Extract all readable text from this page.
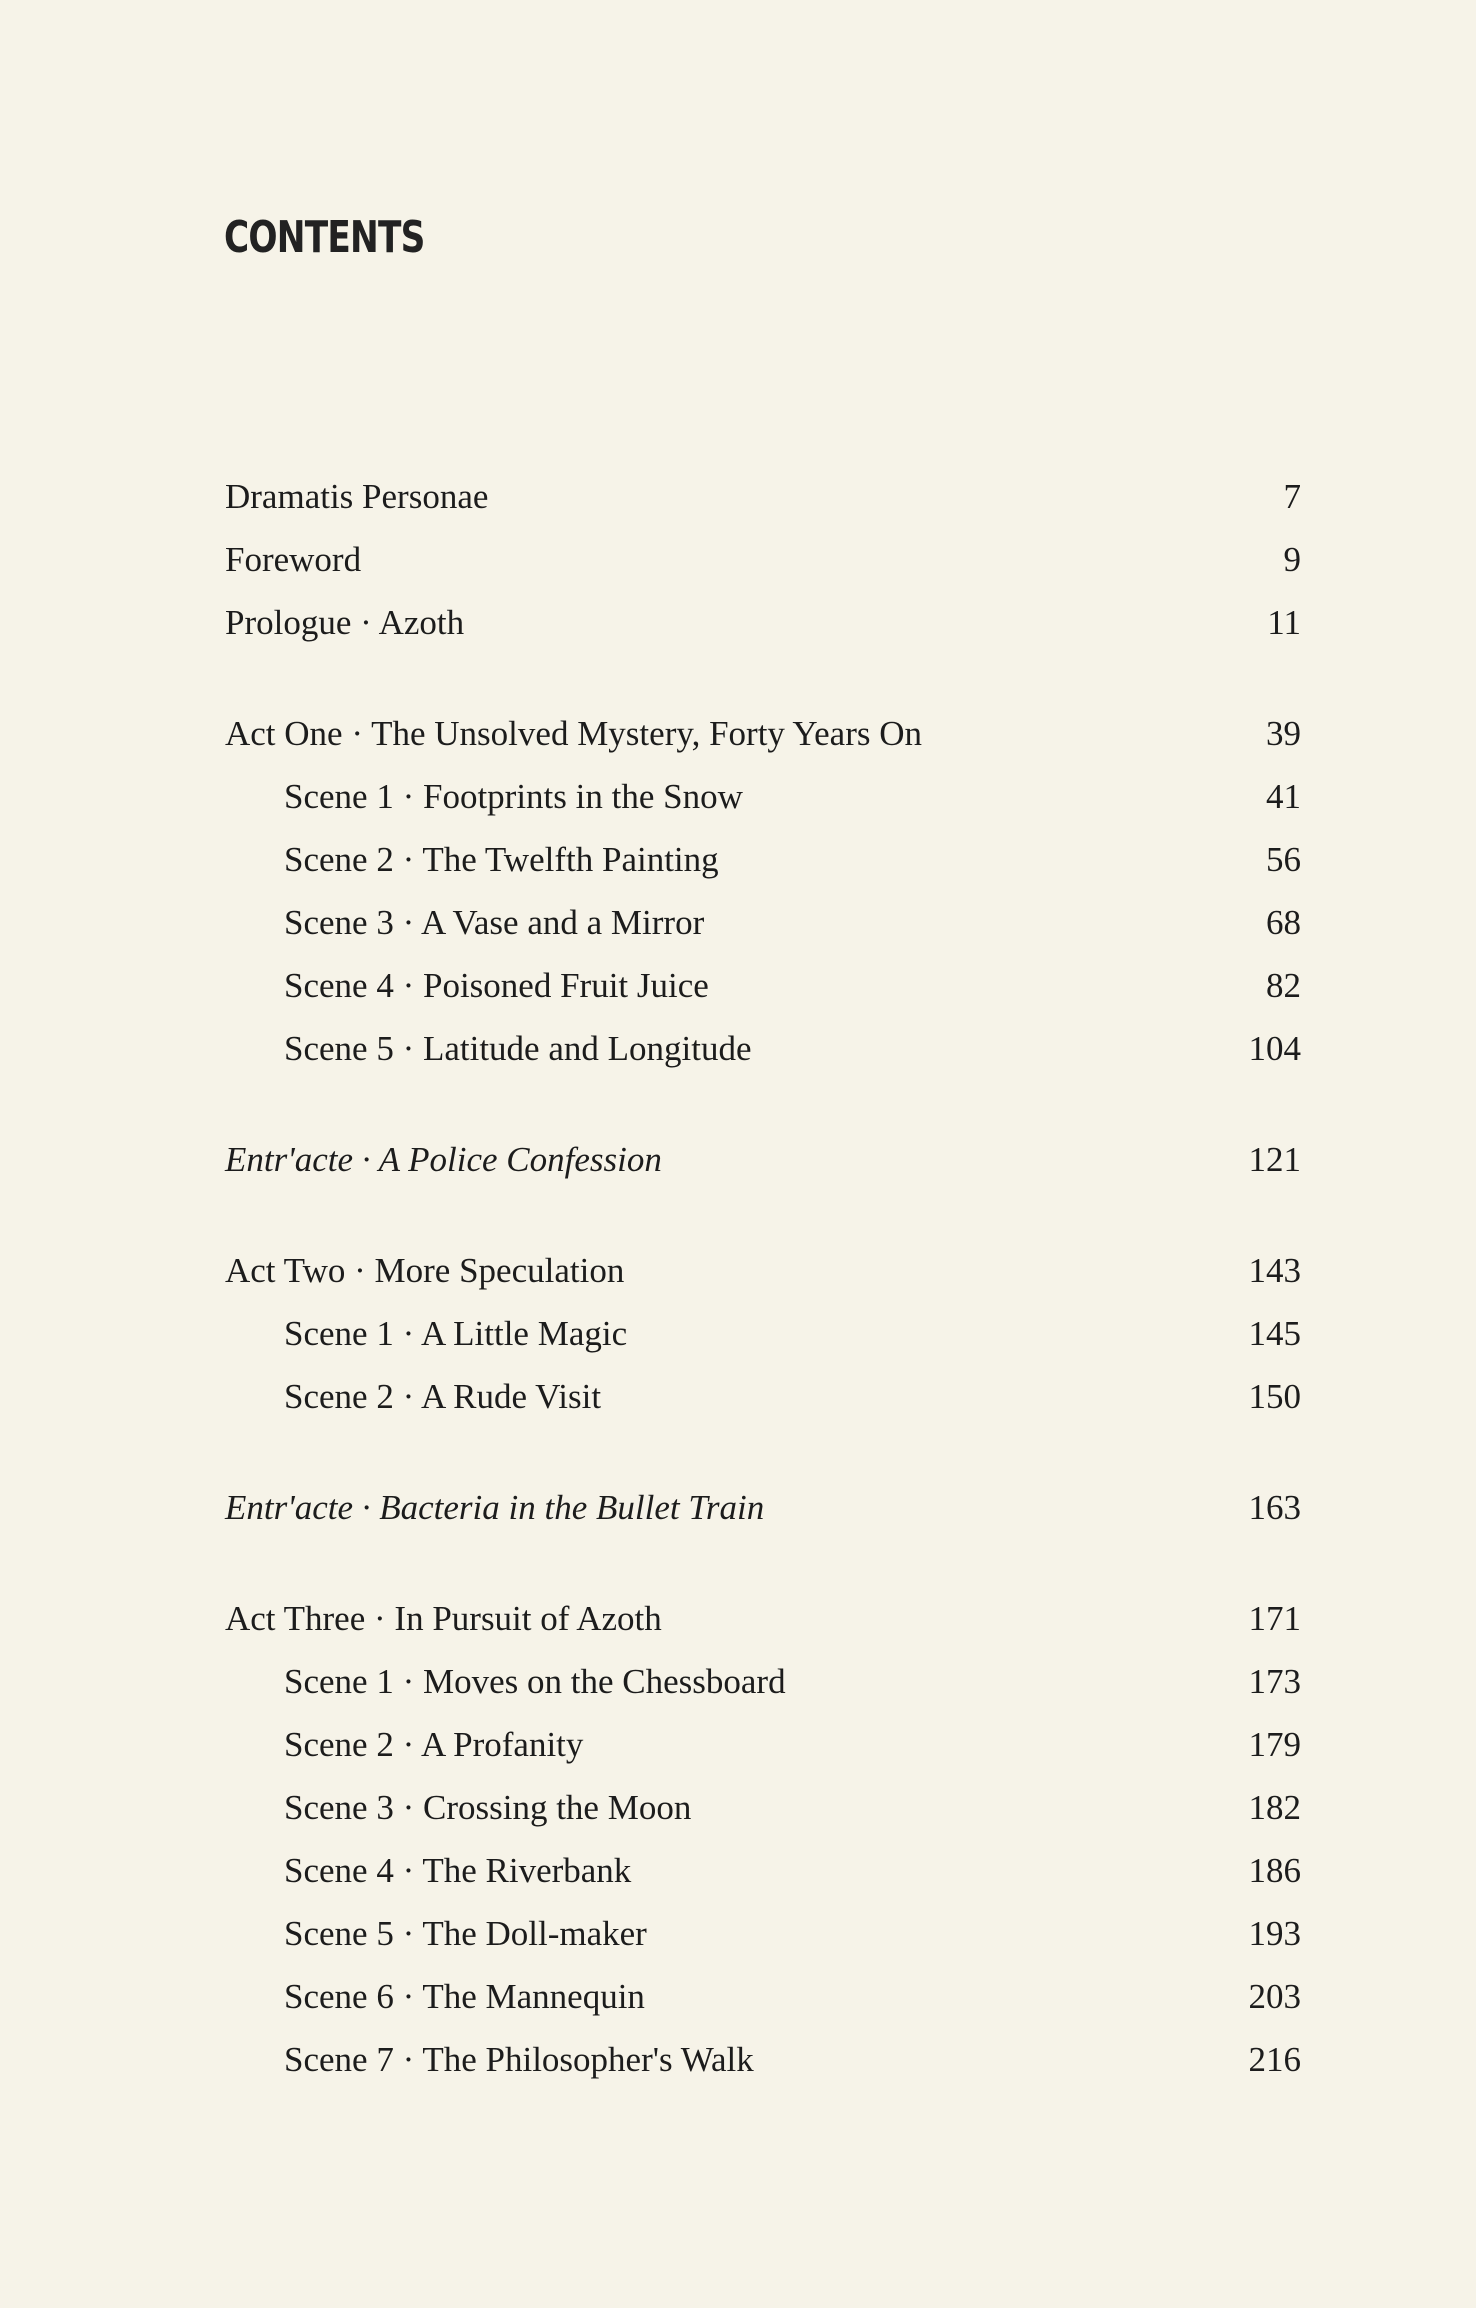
CONTENTS
Dramatis Personae	7
Foreword	9
Prologue · Azoth	11
Act One · The Unsolved Mystery, Forty Years On	39
Scene 1 · Footprints in the Snow	41
Scene 2 · The Twelfth Painting	56
Scene 3 · A Vase and a Mirror	68
Scene 4 · Poisoned Fruit Juice	82
Scene 5 · Latitude and Longitude	104
Entr'acte · A Police Confession	121
Act Two · More Speculation	143
Scene 1 · A Little Magic	145
Scene 2 · A Rude Visit	150
Entr'acte · Bacteria in the Bullet Train	163
Act Three · In Pursuit of Azoth	171
Scene 1 · Moves on the Chessboard	173
Scene 2 · A Profanity	179
Scene 3 · Crossing the Moon	182
Scene 4 · The Riverbank	186
Scene 5 · The Doll-maker	193
Scene 6 · The Mannequin	203
Scene 7 · The Philosopher's Walk	216
